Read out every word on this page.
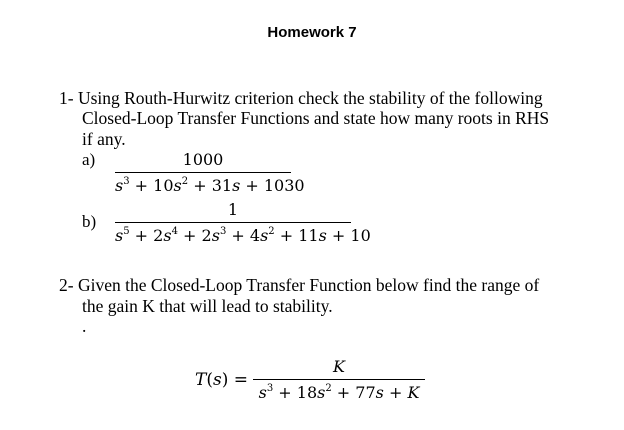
Homework 7
1- Using Routh-Hurwitz criterion check the stability of the following
Closed-Loop Transfer Functions and state how many roots in RHS
if any.
a)	1000
$s^3 + 10s^2 + 31s + 1030$
b)
1
$s^5 + 2s^4 + 2s^3 + 4s^2 + 11s + 10$
2- Given the Closed-Loop Transfer Function below find the range of
the gain K that will lead to stability.
.
T(s) =
K
$s^3 + 18s^2 + 77s + K$
